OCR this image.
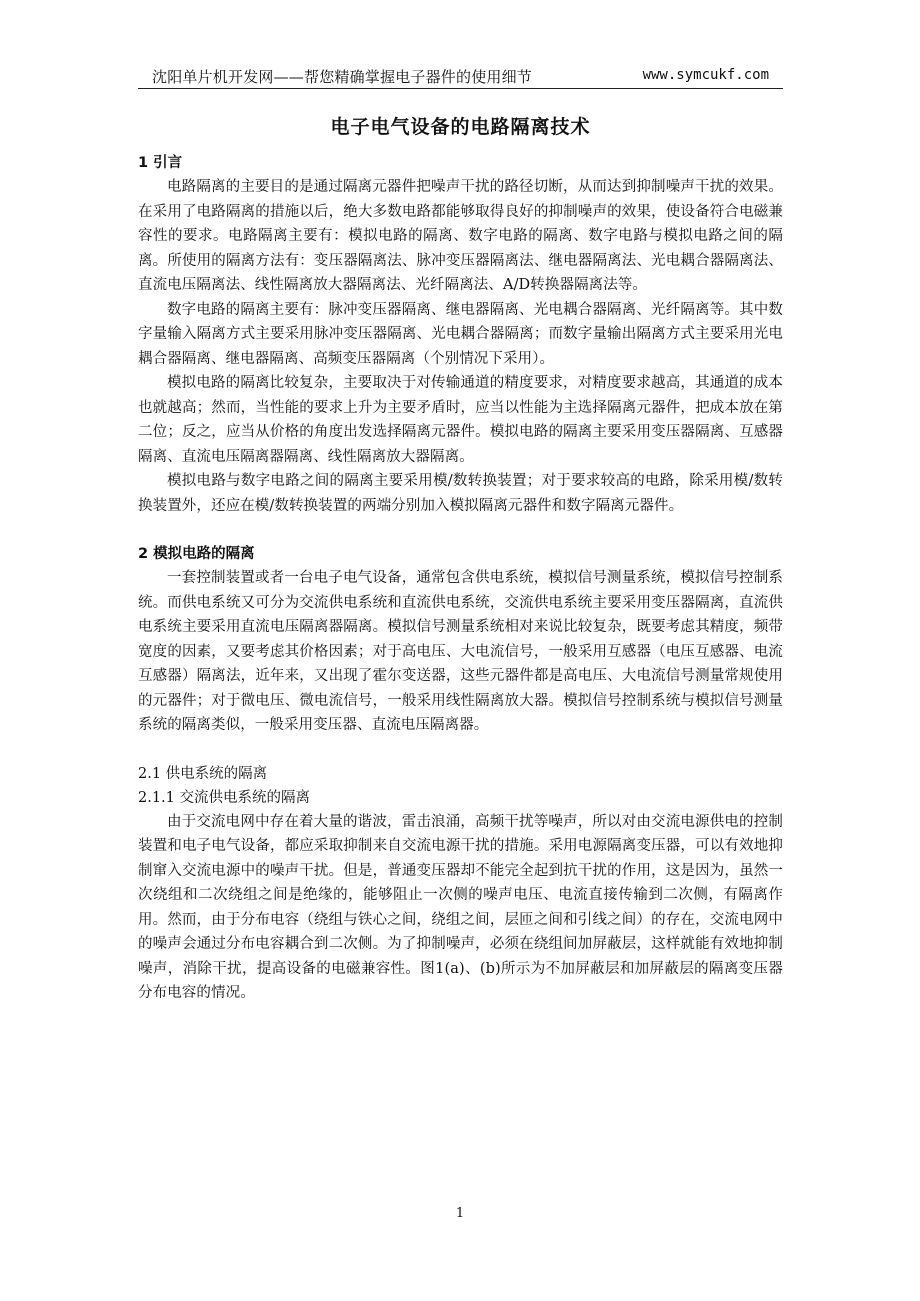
沈阳单片机开发网——帮您精确掌握电子器件的使用细节	www.symcukf.com
电子电气设备的电路隔离技术
1 引言

电路隔离的主要目的是通过隔离元器件把噪声干扰的路径切断，从而达到抑制噪声干扰的效果。在采用了电路隔离的措施以后，绝大多数电路都能够取得良好的抑制噪声的效果，使设备符合电磁兼容性的要求。电路隔离主要有：模拟电路的隔离、数字电路的隔离、数字电路与模拟电路之间的隔离。所使用的隔离方法有：变压器隔离法、脉冲变压器隔离法、继电器隔离法、光电耦合器隔离法、直流电压隔离法、线性隔离放大器隔离法、光纤隔离法、A/D转换器隔离法等。

数字电路的隔离主要有：脉冲变压器隔离、继电器隔离、光电耦合器隔离、光纤隔离等。其中数字量输入隔离方式主要采用脉冲变压器隔离、光电耦合器隔离；而数字量输出隔离方式主要采用光电耦合器隔离、继电器隔离、高频变压器隔离（个别情况下采用）。

模拟电路的隔离比较复杂，主要取决于对传输通道的精度要求，对精度要求越高，其通道的成本也就越高；然而，当性能的要求上升为主要矛盾时，应当以性能为主选择隔离元器件，把成本放在第二位；反之，应当从价格的角度出发选择隔离元器件。模拟电路的隔离主要采用变压器隔离、互感器隔离、直流电压隔离器隔离、线性隔离放大器隔离。

模拟电路与数字电路之间的隔离主要采用模/数转换装置；对于要求较高的电路，除采用模/数转换装置外，还应在模/数转换装置的两端分别加入模拟隔离元器件和数字隔离元器件。

2 模拟电路的隔离

一套控制装置或者一台电子电气设备，通常包含供电系统，模拟信号测量系统，模拟信号控制系统。而供电系统又可分为交流供电系统和直流供电系统，交流供电系统主要采用变压器隔离，直流供电系统主要采用直流电压隔离器隔离。模拟信号测量系统相对来说比较复杂，既要考虑其精度，频带宽度的因素，又要考虑其价格因素；对于高电压、大电流信号，一般采用互感器（电压互感器、电流互感器）隔离法，近年来，又出现了霍尔变送器，这些元器件都是高电压、大电流信号测量常规使用的元器件；对于微电压、微电流信号，一般采用线性隔离放大器。模拟信号控制系统与模拟信号测量系统的隔离类似，一般采用变压器、直流电压隔离器。

2.1 供电系统的隔离
2.1.1 交流供电系统的隔离

由于交流电网中存在着大量的谐波，雷击浪涌，高频干扰等噪声，所以对由交流电源供电的控制装置和电子电气设备，都应采取抑制来自交流电源干扰的措施。采用电源隔离变压器，可以有效地抑制窜入交流电源中的噪声干扰。但是，普通变压器却不能完全起到抗干扰的作用，这是因为，虽然一次绕组和二次绕组之间是绝缘的，能够阻止一次侧的噪声电压、电流直接传输到二次侧，有隔离作用。然而，由于分布电容（绕组与铁心之间，绕组之间，层匝之间和引线之间）的存在，交流电网中的噪声会通过分布电容耦合到二次侧。为了抑制噪声，必须在绕组间加屏蔽层，这样就能有效地抑制噪声，消除干扰，提高设备的电磁兼容性。图1(a)、(b)所示为不加屏蔽层和加屏蔽层的隔离变压器分布电容的情况。

1
